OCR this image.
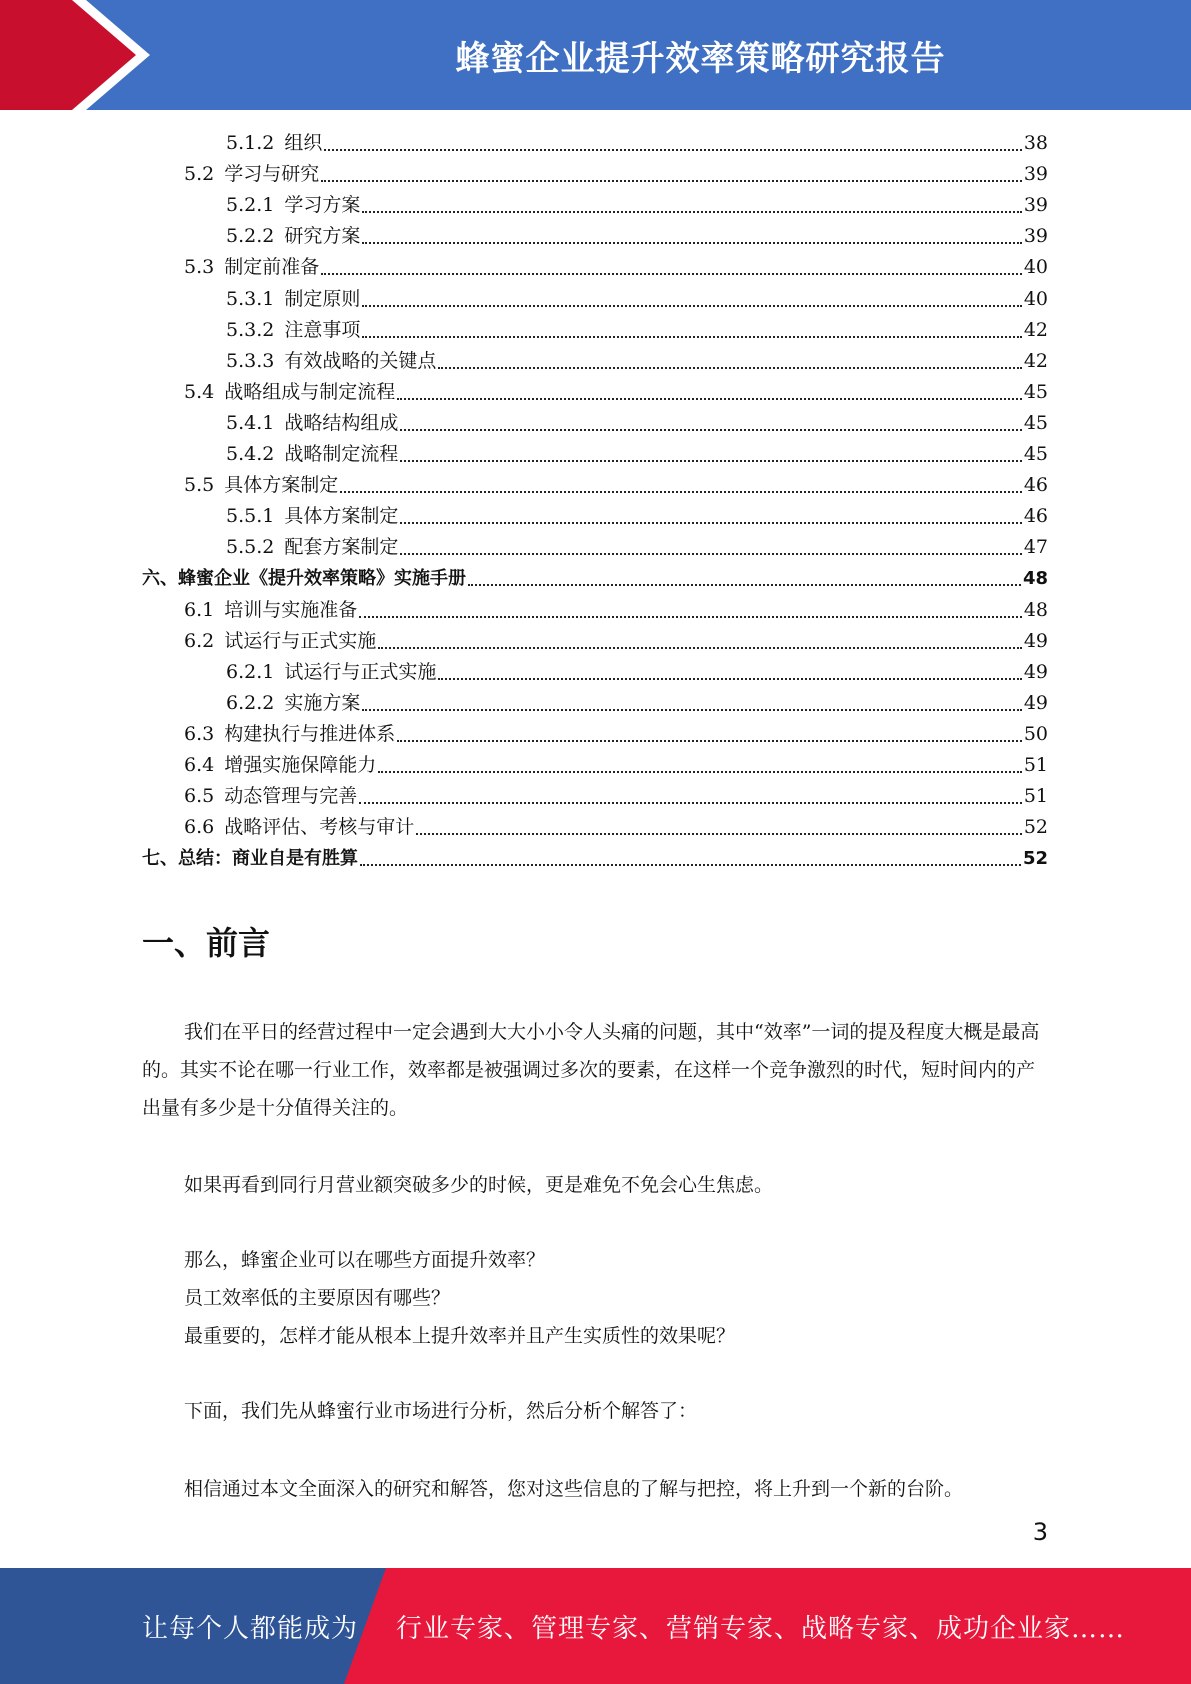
蜂蜜企业提升效率策略研究报告
5.1.2 组织	38
5.2 学习与研究	39
5.2.1 学习方案	39
5.2.2 研究方案	39
5.3 制定前准备	40
5.3.1 制定原则	40
5.3.2 注意事项	42
5.3.3 有效战略的关键点	42
5.4 战略组成与制定流程	45
5.4.1 战略结构组成	45
5.4.2 战略制定流程	45
5.5 具体方案制定	46
5.5.1 具体方案制定	46
5.5.2 配套方案制定	47
六、 蜂蜜企业《提升效率策略》实施手册	48
6.1 培训与实施准备	48
6.2 试运行与正式实施	49
6.2.1 试运行与正式实施	49
6.2.2 实施方案	49
6.3 构建执行与推进体系	50
6.4 增强实施保障能力	51
6.5 动态管理与完善	51
6.6 战略评估、考核与审计	52
七、 总结：商业自是有胜算	52
一、前言

我们在平日的经营过程中一定会遇到大大小小令人头痛的问题，其中“效率”一词的提及程度大概是最高的。其实不论在哪一行业工作，效率都是被强调过多次的要素，在这样一个竞争激烈的时代，短时间内的产出量有多少是十分值得关注的。

如果再看到同行月营业额突破多少的时候，更是难免不免会心生焦虑。
那么，蜂蜜企业可以在哪些方面提升效率？
员工效率低的主要原因有哪些？
最重要的，怎样才能从根本上提升效率并且产生实质性的效果呢？
下面，我们先从蜂蜜行业市场进行分析，然后分析个解答了：
相信通过本文全面深入的研究和解答，您对这些信息的了解与把控，将上升到一个新的台阶。
3
让每个人都能成为 行业专家、管理专家、营销专家、战略专家、成功企业家……
